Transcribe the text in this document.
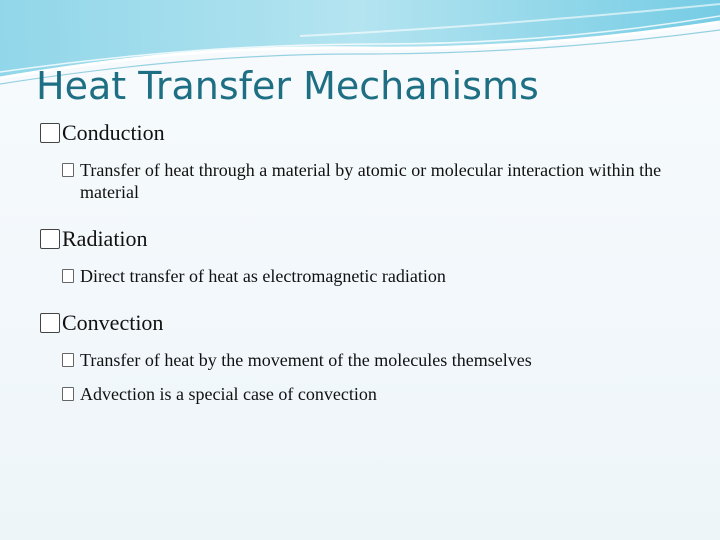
Heat Transfer Mechanisms
Conduction
Transfer of heat through a material by atomic or molecular interaction within the material
Radiation
Direct transfer of heat as electromagnetic radiation
Convection
Transfer of heat by the movement of the molecules themselves
Advection is a special case of convection
